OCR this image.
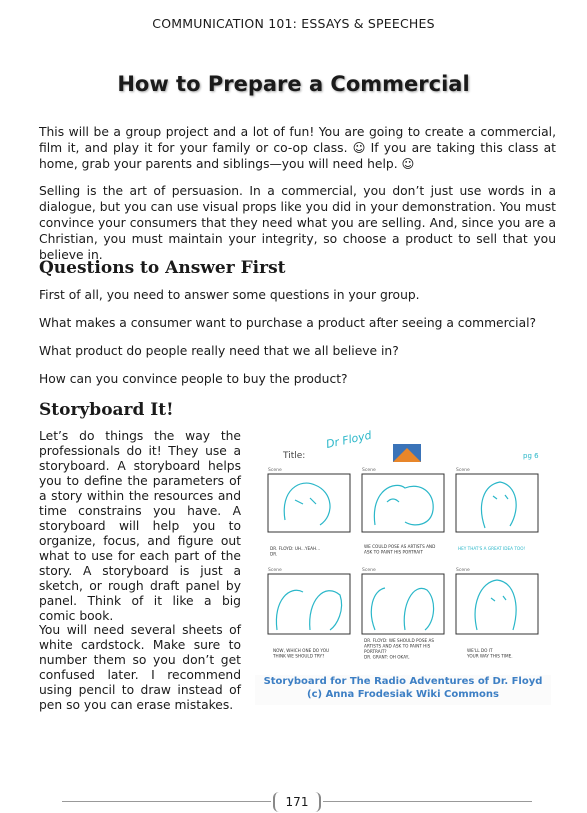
COMMUNICATION 101: ESSAYS & SPEECHES
How to Prepare a Commercial

This will be a group project and a lot of fun! You are going to create a commercial, film it, and play it for your family or co-op class. ☺ If you are taking this class at home, grab your parents and siblings—you will need help. ☺

Selling is the art of persuasion. In a commercial, you don’t just use words in a dialogue, but you can use visual props like you did in your demonstration. You must convince your consumers that they need what you are selling. And, since you are a Christian, you must maintain your integrity, so choose a product to sell that you believe in.

Questions to Answer First

First of all, you need to answer some questions in your group.

What makes a consumer want to purchase a product after seeing a commercial?

What product do people really need that we all believe in?

How can you convince people to buy the product?

Storyboard It!

Let’s do things the way the professionals do it! They use a storyboard. A storyboard helps you to define the parameters of a story within the resources and time constrains you have. A storyboard will help you to organize, focus, and figure out what to use for each part of the story. A storyboard is just a sketch, or rough draft panel by panel. Think of it like a big comic book.

You will need several sheets of white cardstock. Make sure to number them so you don’t get confused later. I recommend using pencil to draw instead of pen so you can erase mistakes.

Title:
Dr Floyd
pg 6
Scene	Scene	Scene
DR. FLOYD: UH...YEAH... DR.
WE COULD POSE AS ARTISTS AND ASK TO PAINT HIS PORTRAIT
HEY THAT'S A GREAT IDEA TOO!
Scene	Scene	Scene
NOW, WHICH ONE DO YOU THINK WE SHOULD TRY?
DR. FLOYD: WE SHOULD POSE AS ARTISTS AND ASK TO PAINT HIS PORTRAIT? DR. GRANT: OH OKAY,
WE'LL DO IT YOUR WAY THIS TIME.
Storyboard for The Radio Adventures of Dr. Floyd (c) Anna Frodesiak Wiki Commons
171
